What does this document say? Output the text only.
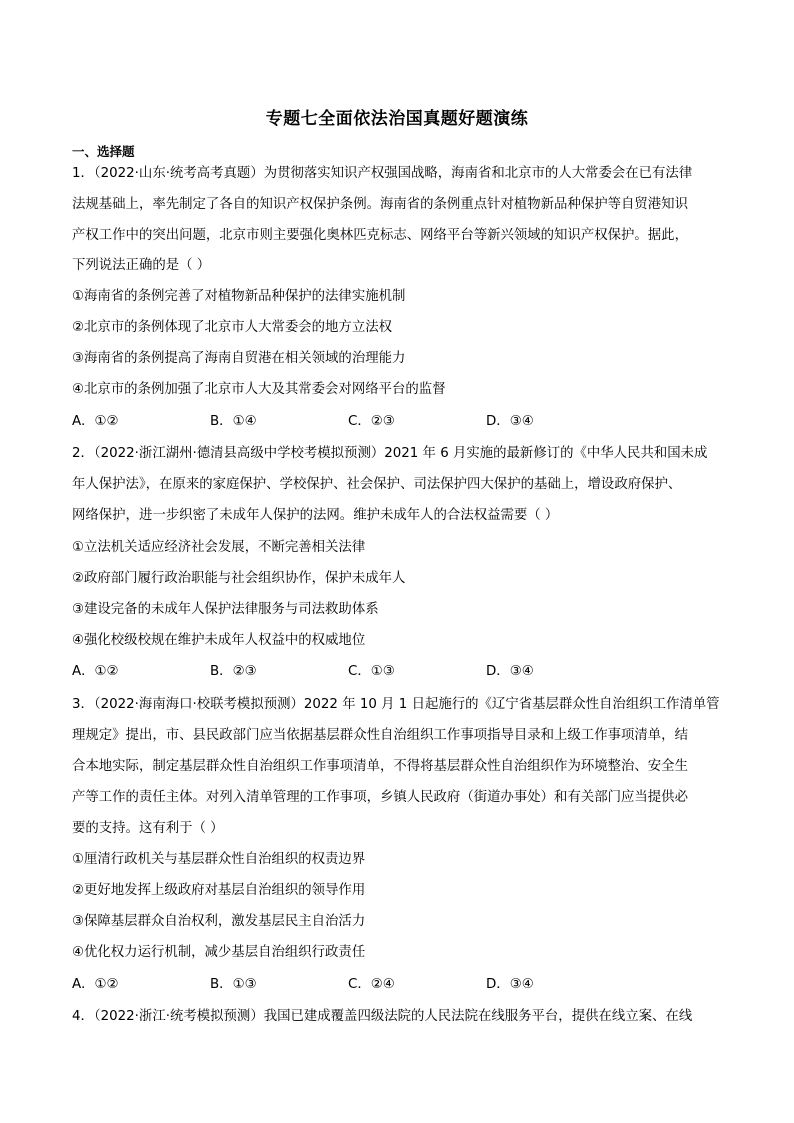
专题七全面依法治国真题好题演练
一、选择题
1．（2022·山东·统考高考真题）为贯彻落实知识产权强国战略，海南省和北京市的人大常委会在已有法律
法规基础上，率先制定了各自的知识产权保护条例。海南省的条例重点针对植物新品种保护等自贸港知识
产权工作中的突出问题，北京市则主要强化奥林匹克标志、网络平台等新兴领域的知识产权保护。据此，
下列说法正确的是（ ）
①海南省的条例完善了对植物新品种保护的法律实施机制
②北京市的条例体现了北京市人大常委会的地方立法权
③海南省的条例提高了海南自贸港在相关领域的治理能力
④北京市的条例加强了北京市人大及其常委会对网络平台的监督
A．①②	B．①④	C．②③	D．③④
2．（2022·浙江湖州·德清县高级中学校考模拟预测）2021 年 6 月实施的最新修订的《中华人民共和国未成
年人保护法》，在原来的家庭保护、学校保护、社会保护、司法保护四大保护的基础上，增设政府保护、
网络保护，进一步织密了未成年人保护的法网。维护未成年人的合法权益需要（ ）
①立法机关适应经济社会发展，不断完善相关法律
②政府部门履行政治职能与社会组织协作，保护未成年人
③建设完备的未成年人保护法律服务与司法救助体系
④强化校级校规在维护未成年人权益中的权威地位
A．①②	B．②③	C．①③	D．③④
3．（2022·海南海口·校联考模拟预测）2022 年 10 月 1 日起施行的《辽宁省基层群众性自治组织工作清单管
理规定》提出，市、县民政部门应当依据基层群众性自治组织工作事项指导目录和上级工作事项清单，结
合本地实际，制定基层群众性自治组织工作事项清单，不得将基层群众性自治组织作为环境整治、安全生
产等工作的责任主体。对列入清单管理的工作事项，乡镇人民政府（街道办事处）和有关部门应当提供必
要的支持。这有利于（ ）
①厘清行政机关与基层群众性自治组织的权责边界
②更好地发挥上级政府对基层自治组织的领导作用
③保障基层群众自治权利，激发基层民主自治活力
④优化权力运行机制，减少基层自治组织行政责任
A．①②	B．①③	C．②④	D．③④
4．（2022·浙江·统考模拟预测）我国已建成覆盖四级法院的人民法院在线服务平台，提供在线立案、在线
